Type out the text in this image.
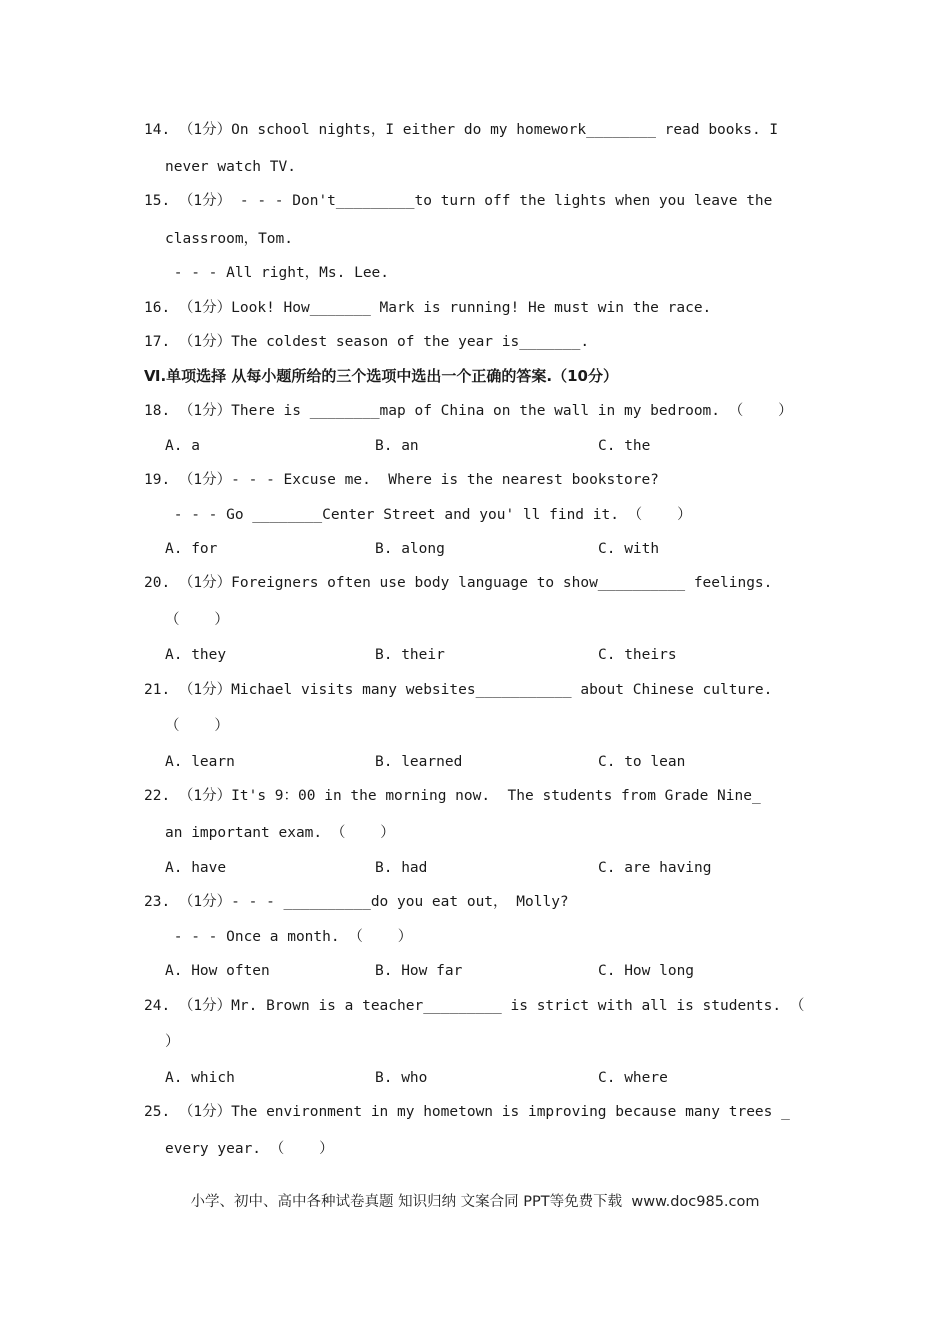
14. （1分）On school nights，I either do my homework________ read books. I
never watch TV.
15. （1分） - - - Don't_________to turn off the lights when you leave the
classroom，Tom.
- - - All right，Ms. Lee.
16. （1分）Look! How_______ Mark is running! He must win the race.
17. （1分）The coldest season of the year is_______.
Ⅵ.单项选择 从每小题所给的三个选项中选出一个正确的答案.（10分）
18. （1分）There is ________map of China on the wall in my bedroom. （    ）
A. a	B. an	C. the
19. （1分）- - - Excuse me.  Where is the nearest bookstore?
- - - Go ________Center Street and you' ll find it. （    ）
A. for	B. along	C. with
20. （1分）Foreigners often use body language to show__________ feelings.
（    ）
A. they	B. their	C. theirs
21. （1分）Michael visits many websites___________ about Chinese culture.
（    ）
A. learn	B. learned	C. to lean
22. （1分）It's 9：00 in the morning now.  The students from Grade Nine_
an important exam. （    ）
A. have	B. had	C. are having
23. （1分）- - - __________do you eat out， Molly?
- - - Once a month. （    ）
A. How often	B. How far	C. How long
24. （1分）Mr. Brown is a teacher_________ is strict with all is students. （
）
A. which	B. who	C. where
25. （1分）The environment in my hometown is improving because many trees _
every year. （    ）
小学、初中、高中各种试卷真题 知识归纳 文案合同 PPT等免费下载  www.doc985.com
